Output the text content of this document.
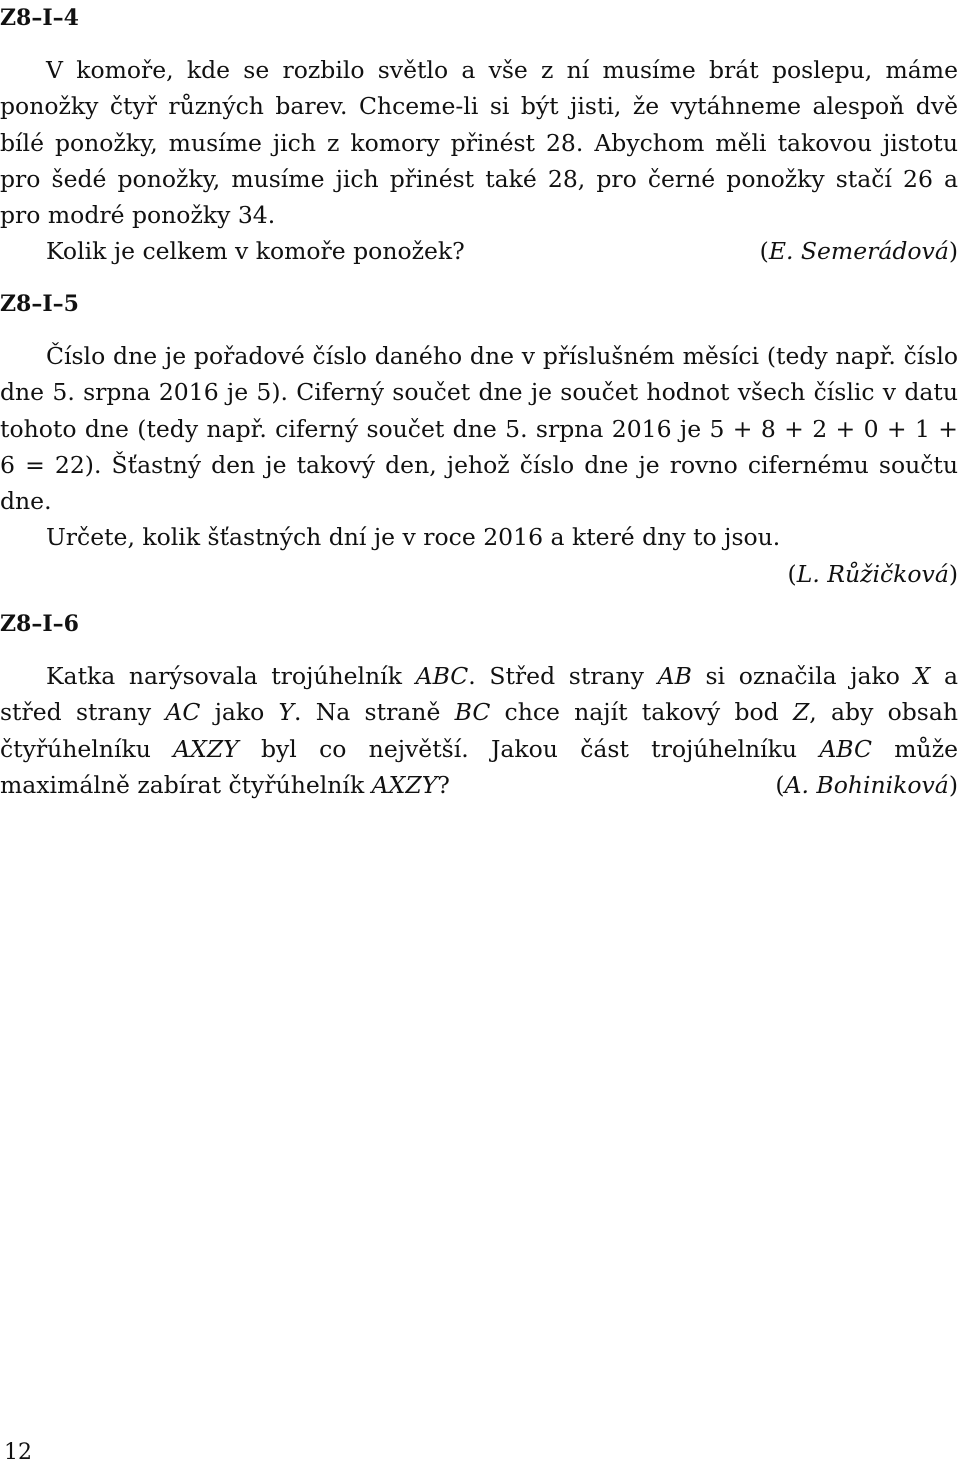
Z8–I–4

V komoře, kde se rozbilo světlo a vše z ní musíme brát poslepu, máme ponožky čtyř různých barev. Chceme-li si být jisti, že vytáhneme alespoň dvě bílé ponožky, musíme jich z komory přinést 28. Abychom měli takovou jistotu pro šedé ponožky, musíme jich přinést také 28, pro černé ponožky stačí 26 a pro modré ponožky 34.

Kolik je celkem v komoře ponožek?	(E. Semerádová)

Z8–I–5

Číslo dne je pořadové číslo daného dne v příslušném měsíci (tedy např. číslo dne 5. srpna 2016 je 5). Ciferný součet dne je součet hodnot všech číslic v datu tohoto dne (tedy např. ciferný součet dne 5. srpna 2016 je 5 + 8 + 2 + 0 + 1 + 6 = 22). Šťastný den je takový den, jehož číslo dne je rovno cifernému součtu dne.

Určete, kolik šťastných dní je v roce 2016 a které dny to jsou.

(L. Růžičková)

Z8–I–6

Katka narýsovala trojúhelník ABC. Střed strany AB si označila jako X a střed strany AC jako Y. Na straně BC chce najít takový bod Z, aby obsah čtyřúhelníku AXZY byl co největší. Jakou část trojúhelníku ABC může maximálně zabírat čtyřúhelník AXZY?	(A. Bohiniková)

12
